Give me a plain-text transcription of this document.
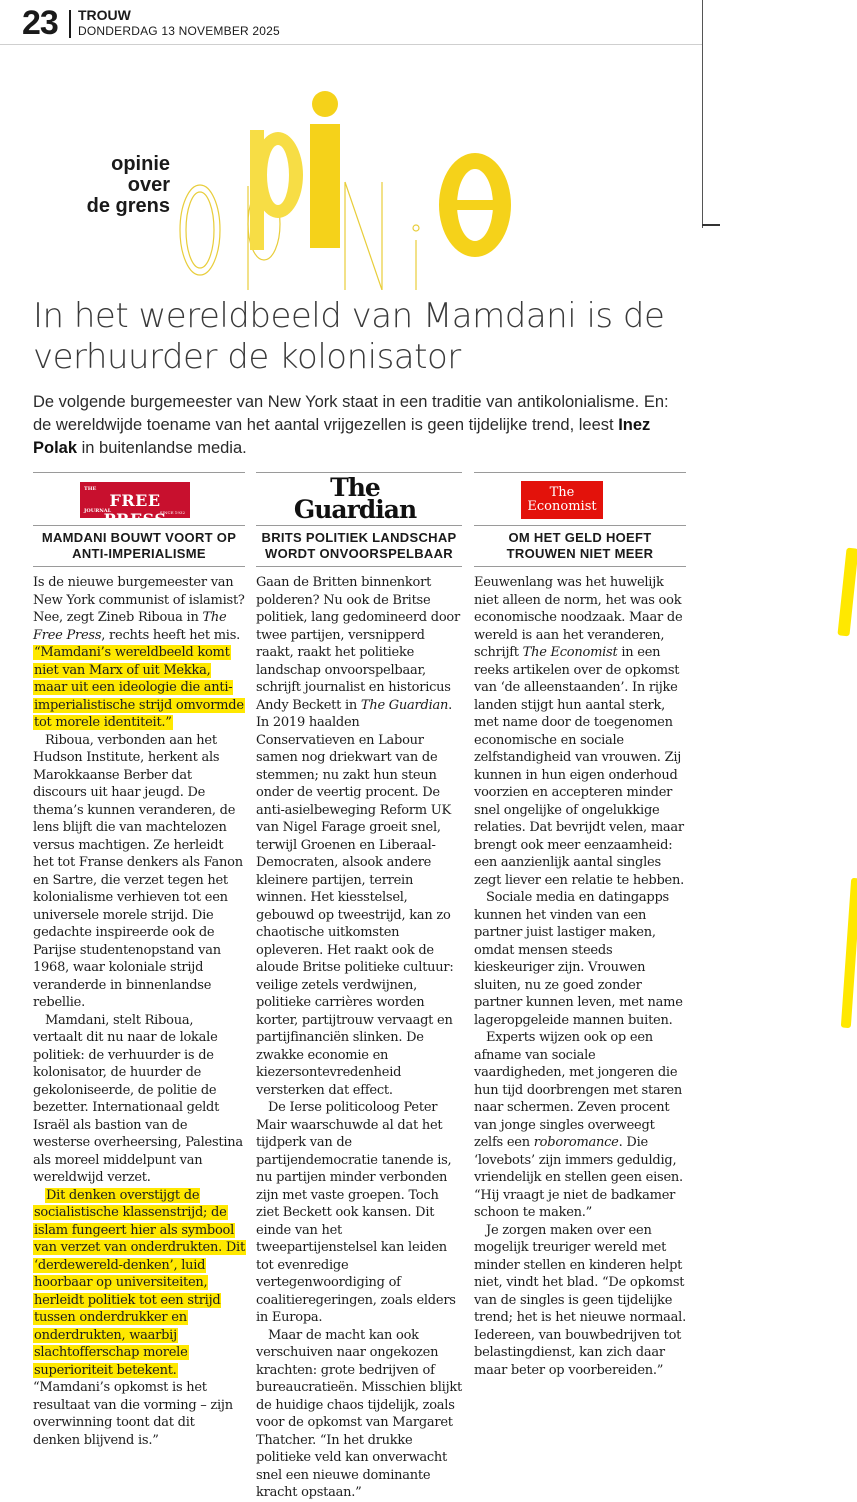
23 TROUW
DONDERDAG 13 NOVEMBER 2025
opinie
over
de grens
In het wereldbeeld van Mamdani is de verhuurder de kolonisator
De volgende burgemeester van New York staat in een traditie van antikolonialisme. En: de wereldwijde toename van het aantal vrijgezellen is geen tijdelijke trend, leest Inez Polak in buitenlandse media.
THE
FREE PRESS
JOURNAL	SINCE 1932
The
Guardian
The
Economist
MAMDANI BOUWT VOORT OP ANTI-IMPERIALISME
BRITS POLITIEK LANDSCHAP WORDT ONVOORSPELBAAR
OM HET GELD HOEFT TROUWEN NIET MEER

Is de nieuwe burgemeester van New York communist of islamist? Nee, zegt Zineb Riboua in The Free Press, rechts heeft het mis. “Mamdani’s wereldbeeld komt niet van Marx of uit Mekka, maar uit een ideologie die anti-imperialistische strijd omvormde tot morele identiteit.”

Riboua, verbonden aan het Hudson Institute, herkent als Marokkaanse Berber dat discours uit haar jeugd. De thema’s kunnen veranderen, de lens blijft die van machtelozen versus machtigen. Ze herleidt het tot Franse denkers als Fanon en Sartre, die verzet tegen het kolonialisme verhieven tot een universele morele strijd. Die gedachte inspireerde ook de Parijse studentenopstand van 1968, waar koloniale strijd veranderde in binnenlandse rebellie.

Mamdani, stelt Riboua, vertaalt dit nu naar de lokale politiek: de verhuurder is de kolonisator, de huurder de gekoloniseerde, de politie de bezetter. Internationaal geldt Israël als bastion van de westerse overheersing, Palestina als moreel middelpunt van wereldwijd verzet.

Dit denken overstijgt de socialistische klassenstrijd; de islam fungeert hier als symbool van verzet van onderdrukten. Dit ‘derdewereld-denken’, luid hoorbaar op universiteiten, herleidt politiek tot een strijd tussen onderdrukker en onderdrukten, waarbij slachtofferschap morele superioriteit betekent.

“Mamdani’s opkomst is het resultaat van die vorming – zijn overwinning toont dat dit denken blijvend is.”

Gaan de Britten binnenkort polderen? Nu ook de Britse politiek, lang gedomineerd door twee partijen, versnipperd raakt, raakt het politieke landschap onvoorspelbaar, schrijft journalist en historicus Andy Beckett in The Guardian. In 2019 haalden Conservatieven en Labour samen nog driekwart van de stemmen; nu zakt hun steun onder de veertig procent. De anti-asielbeweging Reform UK van Nigel Farage groeit snel, terwijl Groenen en Liberaal-Democraten, alsook andere kleinere partijen, terrein winnen. Het kiesstelsel, gebouwd op tweestrijd, kan zo chaotische uitkomsten opleveren. Het raakt ook de aloude Britse politieke cultuur: veilige zetels verdwijnen, politieke carrières worden korter, partijtrouw vervaagt en partijfinanciën slinken. De zwakke economie en kiezersontevredenheid versterken dat effect.

De Ierse politicoloog Peter Mair waarschuwde al dat het tijdperk van de partijendemocratie tanende is, nu partijen minder verbonden zijn met vaste groepen. Toch ziet Beckett ook kansen. Dit einde van het tweepartijenstelsel kan leiden tot evenredige vertegenwoordiging of coalitieregeringen, zoals elders in Europa.

Maar de macht kan ook verschuiven naar ongekozen krachten: grote bedrijven of bureaucratieën. Misschien blijkt de huidige chaos tijdelijk, zoals voor de opkomst van Margaret Thatcher. “In het drukke politieke veld kan onverwacht snel een nieuwe dominante kracht opstaan.”

Eeuwenlang was het huwelijk niet alleen de norm, het was ook economische noodzaak. Maar de wereld is aan het veranderen, schrijft The Economist in een reeks artikelen over de opkomst van ‘de alleenstaanden’. In rijke landen stijgt hun aantal sterk, met name door de toegenomen economische en sociale zelfstandigheid van vrouwen. Zij kunnen in hun eigen onderhoud voorzien en accepteren minder snel ongelijke of ongelukkige relaties. Dat bevrijdt velen, maar brengt ook meer eenzaamheid: een aanzienlijk aantal singles zegt liever een relatie te hebben.

Sociale media en datingapps kunnen het vinden van een partner juist lastiger maken, omdat mensen steeds kieskeuriger zijn. Vrouwen sluiten, nu ze goed zonder partner kunnen leven, met name lageropgeleide mannen buiten.

Experts wijzen ook op een afname van sociale vaardigheden, met jongeren die hun tijd doorbrengen met staren naar schermen. Zeven procent van jonge singles overweegt zelfs een roboromance. Die ‘lovebots’ zijn immers geduldig, vriendelijk en stellen geen eisen. “Hij vraagt je niet de badkamer schoon te maken.”

Je zorgen maken over een mogelijk treuriger wereld met minder stellen en kinderen helpt niet, vindt het blad. “De opkomst van de singles is geen tijdelijke trend; het is het nieuwe normaal. Iedereen, van bouwbedrijven tot belastingdienst, kan zich daar maar beter op voorbereiden.”
